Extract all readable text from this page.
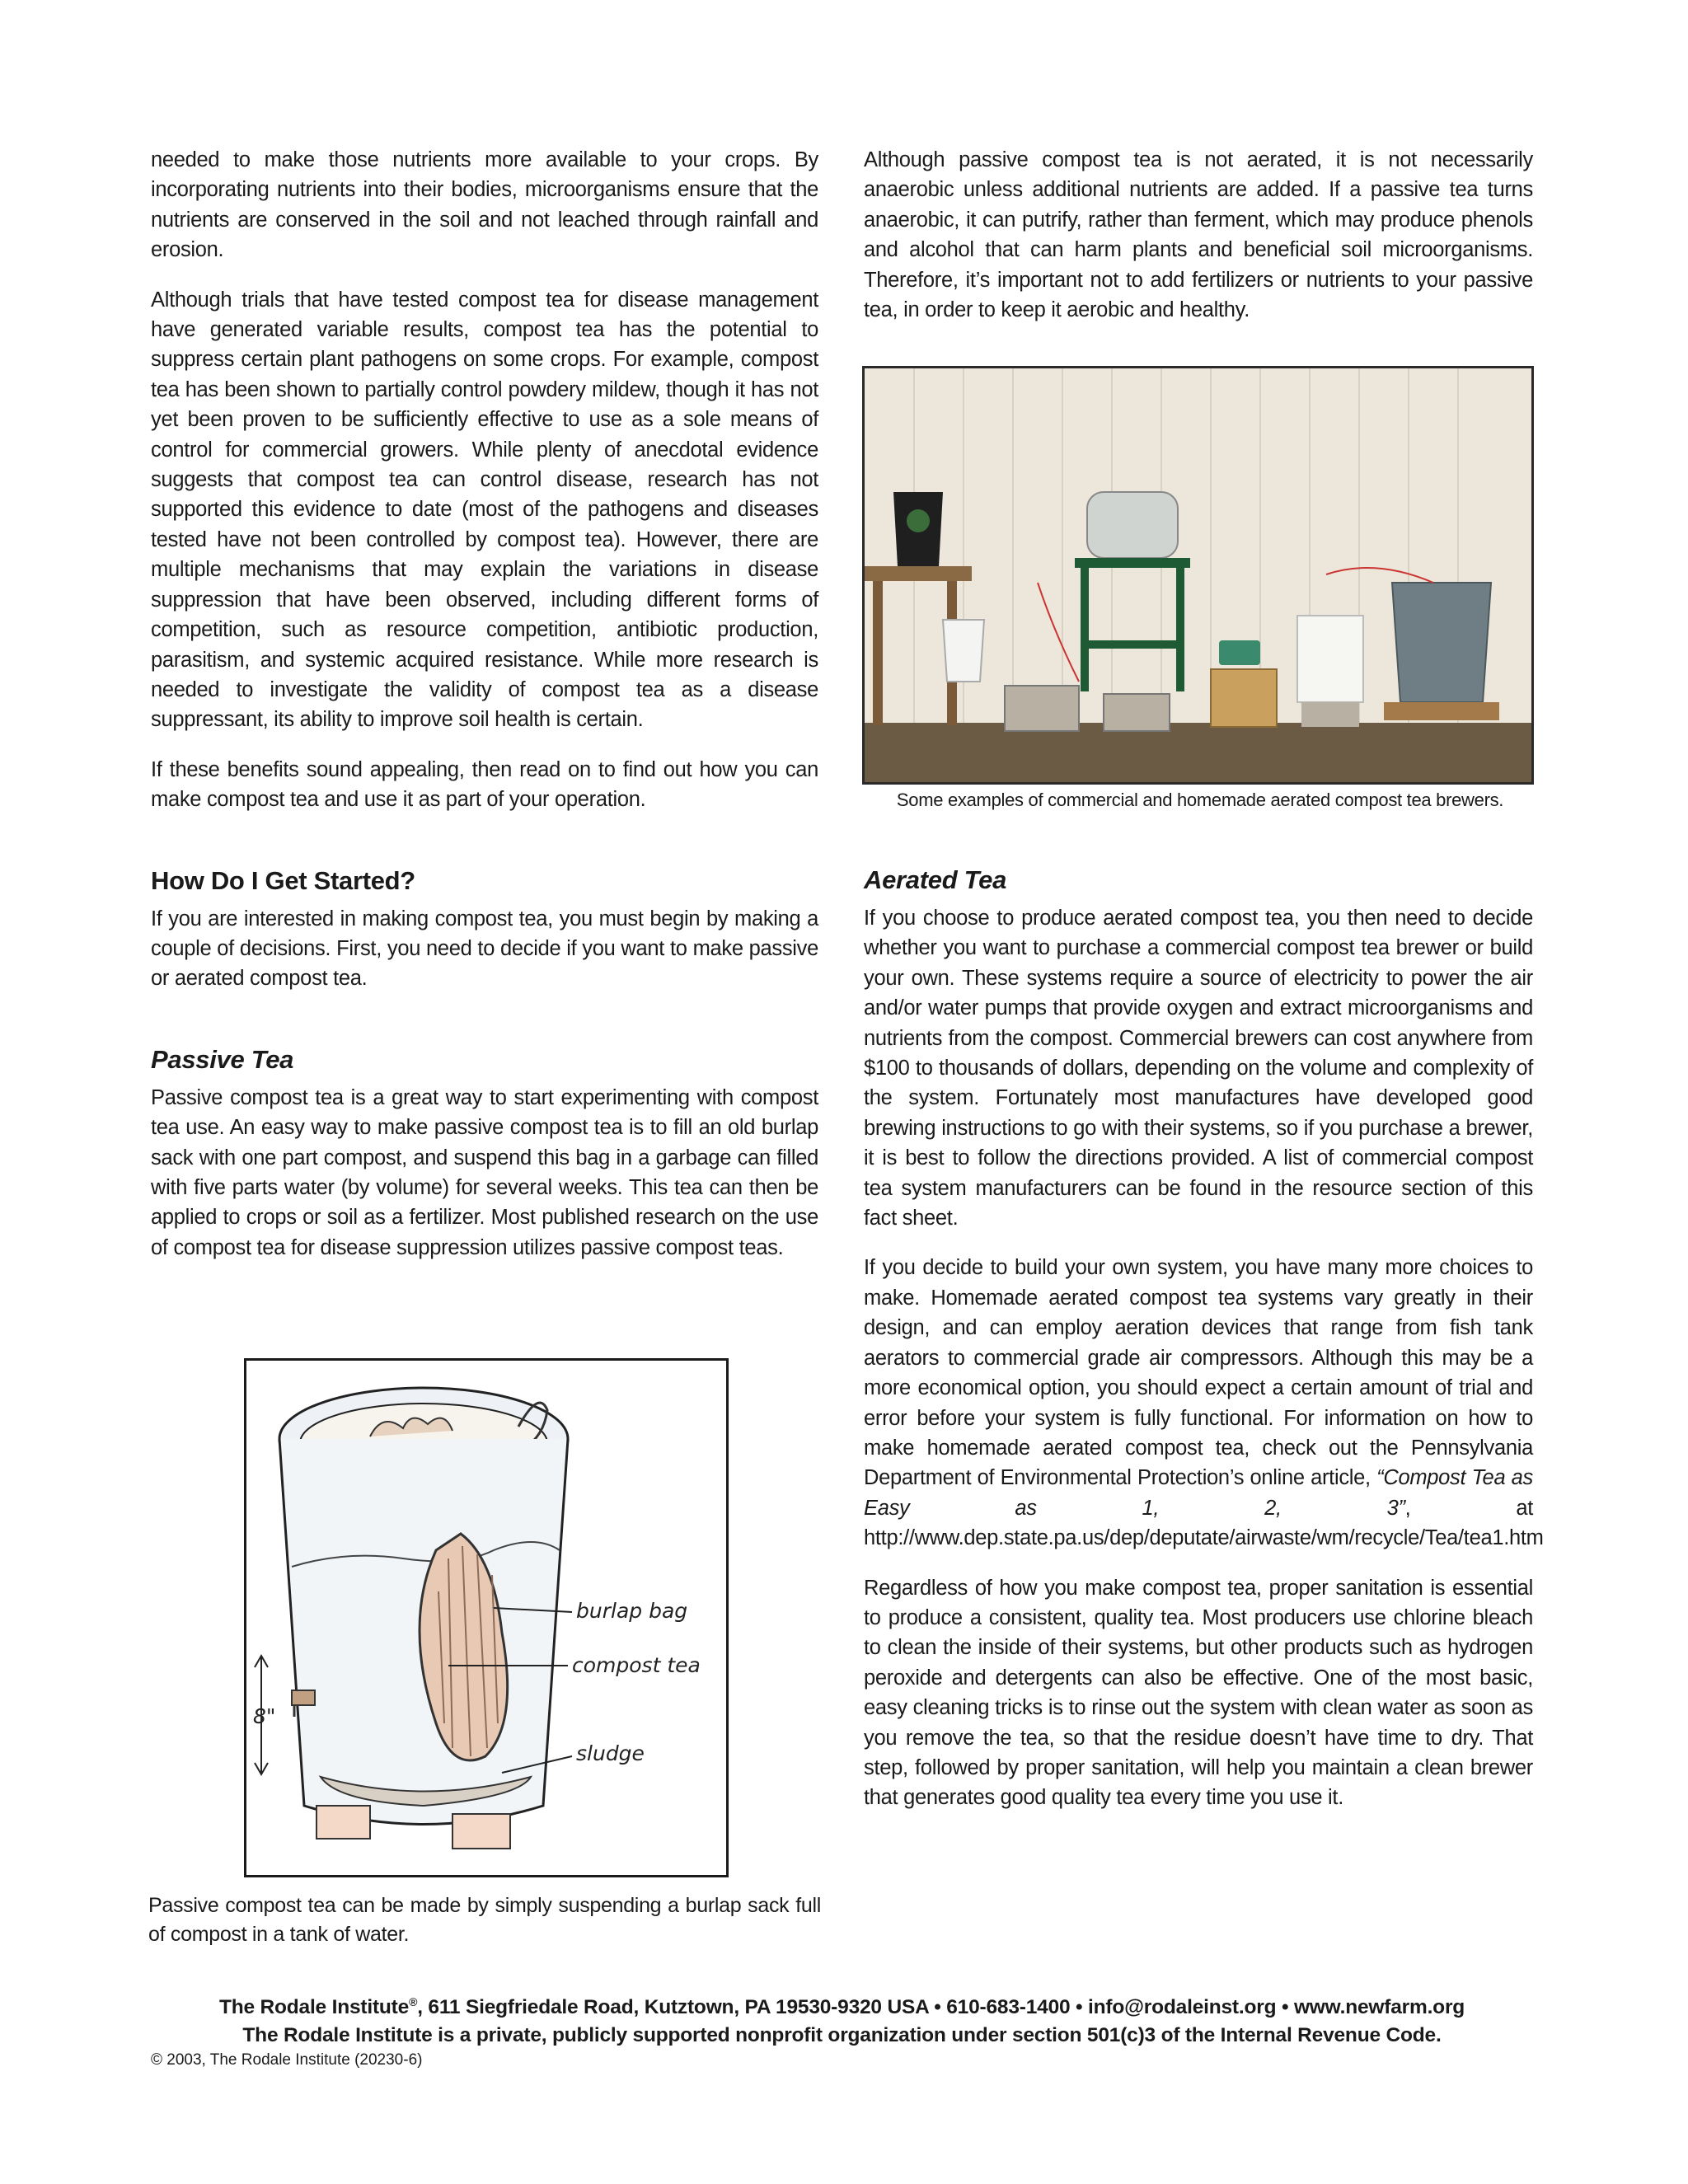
needed to make those nutrients more available to your crops. By incorporating nutrients into their bodies, microorganisms ensure that the nutrients are conserved in the soil and not leached through rainfall and erosion.

Although trials that have tested compost tea for disease management have generated variable results, compost tea has the potential to suppress certain plant pathogens on some crops. For example, compost tea has been shown to partially control powdery mildew, though it has not yet been proven to be sufficiently effective to use as a sole means of control for commercial growers. While plenty of anecdotal evidence suggests that compost tea can control disease, research has not supported this evidence to date (most of the pathogens and diseases tested have not been controlled by compost tea). However, there are multiple mechanisms that may explain the variations in disease suppression that have been observed, including different forms of competition, such as resource competition, antibiotic production, parasitism, and systemic acquired resistance. While more research is needed to investigate the validity of compost tea as a disease suppressant, its ability to improve soil health is certain.

If these benefits sound appealing, then read on to find out how you can make compost tea and use it as part of your operation.

How Do I Get Started?

If you are interested in making compost tea, you must begin by making a couple of decisions. First, you need to decide if you want to make passive or aerated compost tea.

Passive Tea

Passive compost tea is a great way to start experimenting with compost tea use. An easy way to make passive compost tea is to fill an old burlap sack with one part compost, and suspend this bag in a garbage can filled with five parts water (by volume) for several weeks. This tea can then be applied to crops or soil as a fertilizer. Most published research on the use of compost tea for disease suppression utilizes passive compost teas.

8"
burlap bag
compost tea
sludge
Passive compost tea can be made by simply suspending a burlap sack full of compost in a tank of water.

Although passive compost tea is not aerated, it is not necessarily anaerobic unless additional nutrients are added. If a passive tea turns anaerobic, it can putrify, rather than ferment, which may produce phenols and alcohol that can harm plants and beneficial soil microorganisms. Therefore, it’s important not to add fertilizers or nutrients to your passive tea, in order to keep it aerobic and healthy.

Some examples of commercial and homemade aerated compost tea brewers.
Aerated Tea

If you choose to produce aerated compost tea, you then need to decide whether you want to purchase a commercial compost tea brewer or build your own. These systems require a source of electricity to power the air and/or water pumps that provide oxygen and extract microorganisms and nutrients from the compost. Commercial brewers can cost anywhere from $100 to thousands of dollars, depending on the volume and complexity of the system. Fortunately most manufactures have developed good brewing instructions to go with their systems, so if you purchase a brewer, it is best to follow the directions provided. A list of commercial compost tea system manufacturers can be found in the resource section of this fact sheet.

If you decide to build your own system, you have many more choices to make. Homemade aerated compost tea systems vary greatly in their design, and can employ aeration devices that range from fish tank aerators to commercial grade air compressors. Although this may be a more economical option, you should expect a certain amount of trial and error before your system is fully functional. For information on how to make homemade aerated compost tea, check out the Pennsylvania Department of Environmental Protection’s online article, “Compost Tea as Easy as 1, 2, 3”, at http://www.dep.state.pa.us/dep/deputate/airwaste/wm/recycle/Tea/tea1.htm

Regardless of how you make compost tea, proper sanitation is essential to produce a consistent, quality tea. Most producers use chlorine bleach to clean the inside of their systems, but other products such as hydrogen peroxide and detergents can also be effective. One of the most basic, easy cleaning tricks is to rinse out the system with clean water as soon as you remove the tea, so that the residue doesn’t have time to dry. That step, followed by proper sanitation, will help you maintain a clean brewer that generates good quality tea every time you use it.

The Rodale Institute®, 611 Siegfriedale Road, Kutztown, PA 19530-9320 USA • 610-683-1400 • info@rodaleinst.org • www.newfarm.org
The Rodale Institute is a private, publicly supported nonprofit organization under section 501(c)3 of the Internal Revenue Code.
© 2003, The Rodale Institute (20230-6)
